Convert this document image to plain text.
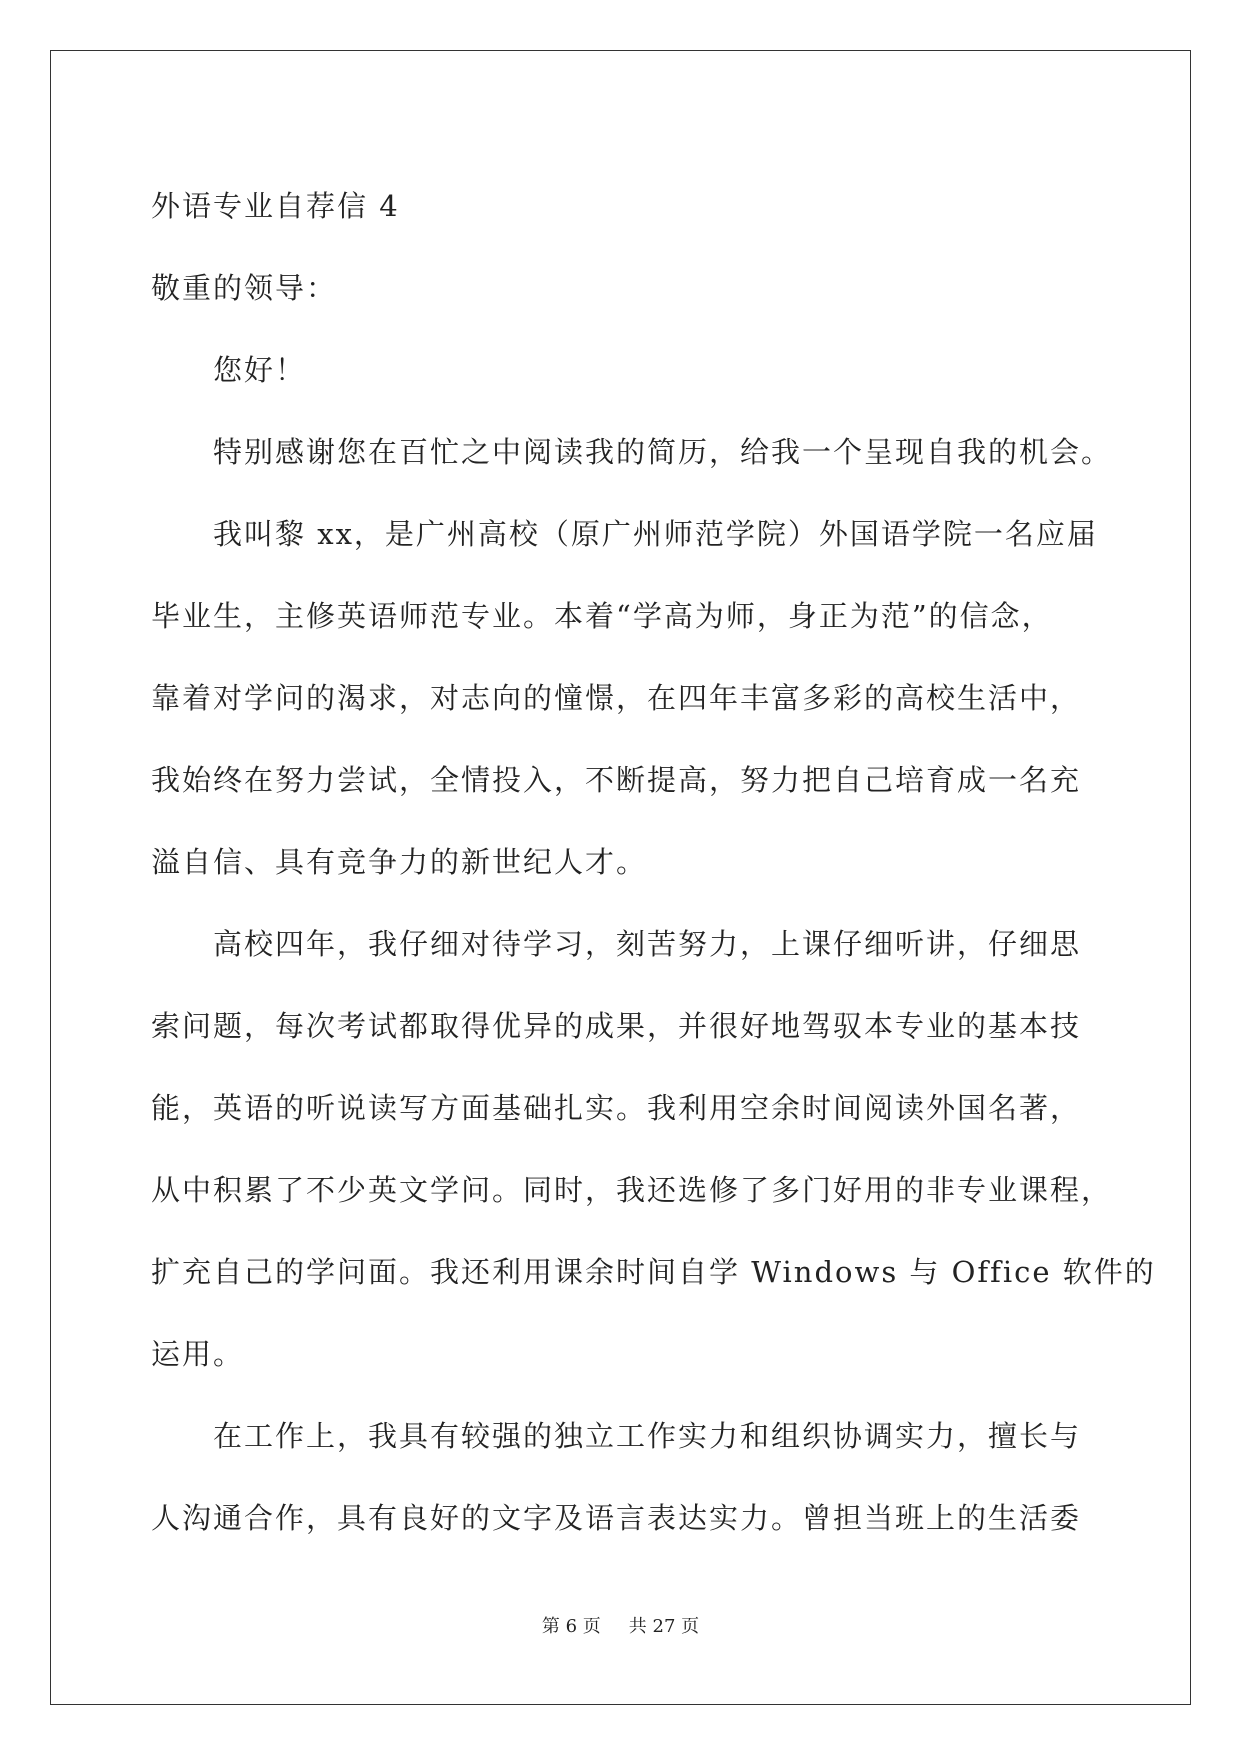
外语专业自荐信 4
敬重的领导：
您好！
特别感谢您在百忙之中阅读我的简历，给我一个呈现自我的机会。
我叫黎 xx，是广州高校（原广州师范学院）外国语学院一名应届
毕业生，主修英语师范专业。本着“学高为师，身正为范”的信念，
靠着对学问的渴求，对志向的憧憬，在四年丰富多彩的高校生活中，
我始终在努力尝试，全情投入，不断提高，努力把自己培育成一名充
溢自信、具有竞争力的新世纪人才。
高校四年，我仔细对待学习，刻苦努力，上课仔细听讲，仔细思
索问题，每次考试都取得优异的成果，并很好地驾驭本专业的基本技
能，英语的听说读写方面基础扎实。我利用空余时间阅读外国名著，
从中积累了不少英文学问。同时，我还选修了多门好用的非专业课程，
扩充自己的学问面。我还利用课余时间自学 Windows 与 Office 软件的
运用。
在工作上，我具有较强的独立工作实力和组织协调实力，擅长与
人沟通合作，具有良好的文字及语言表达实力。曾担当班上的生活委
第 6 页 共 27 页
